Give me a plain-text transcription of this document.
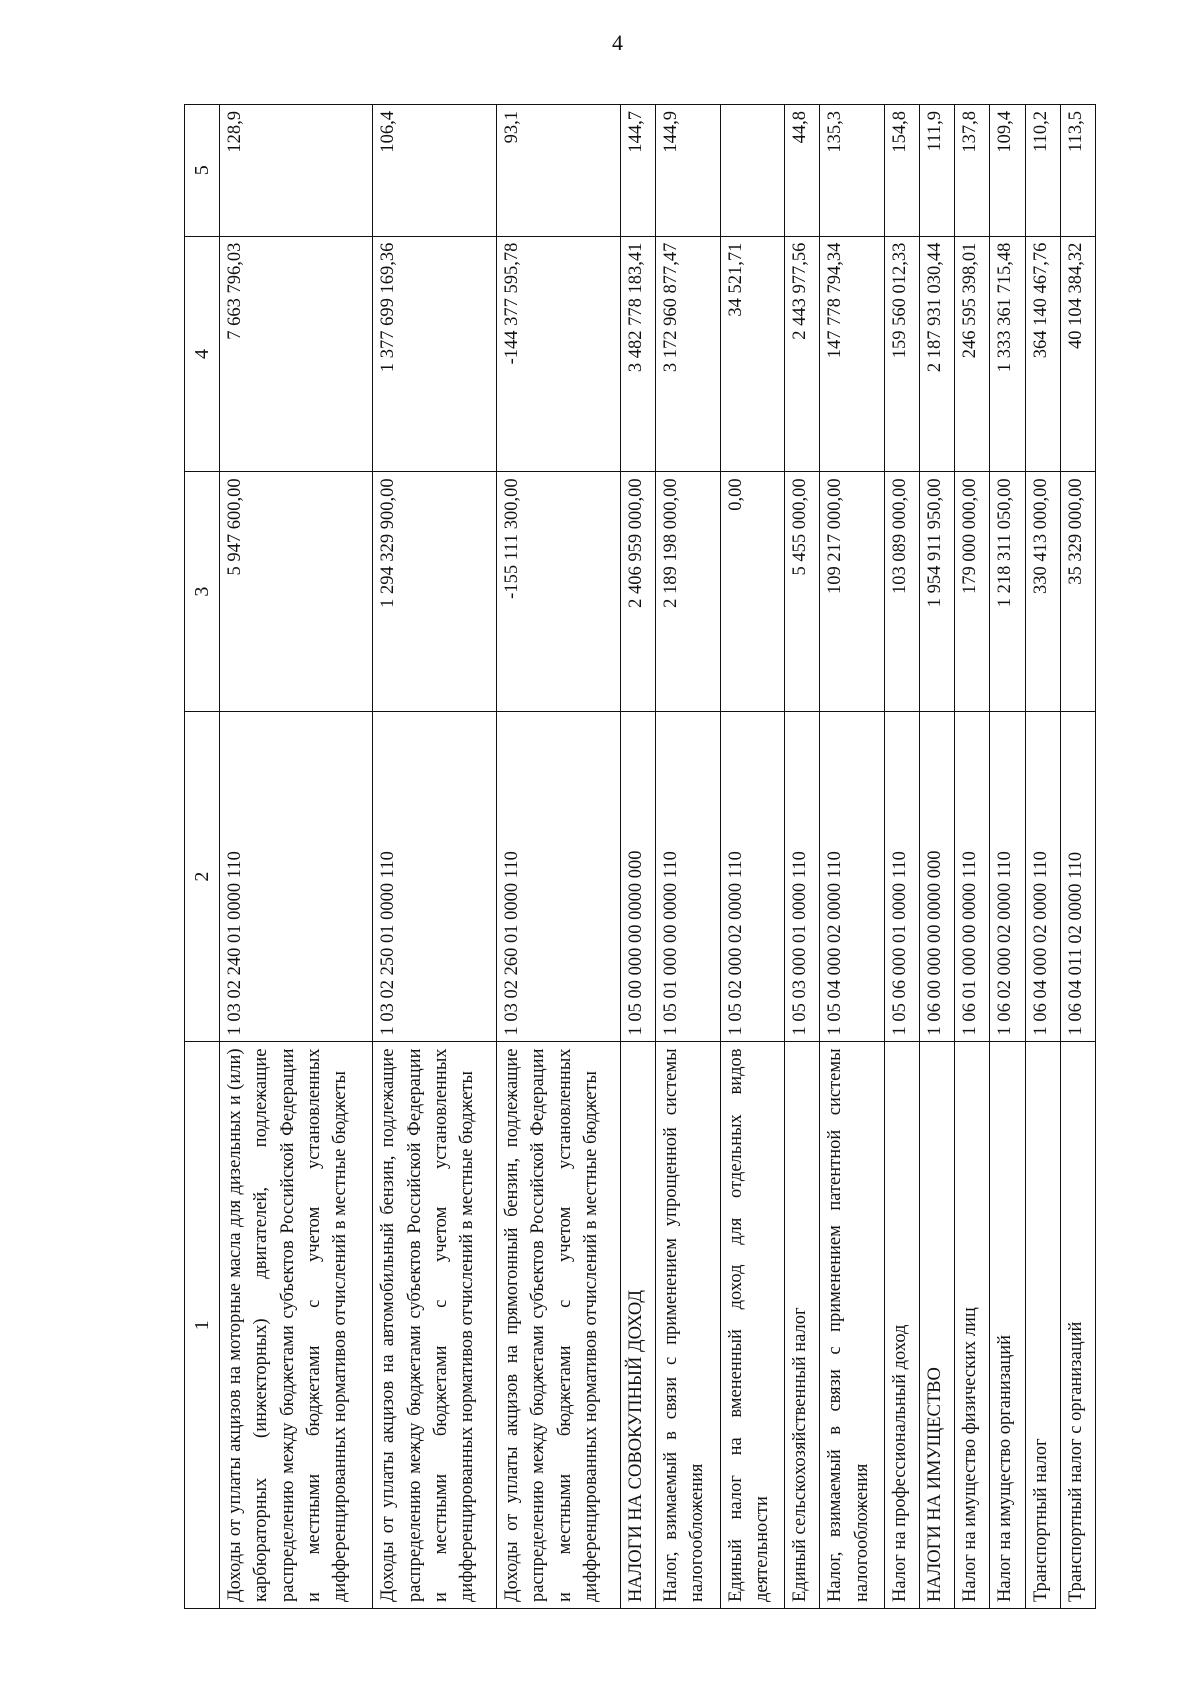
4
1	2	3	4	5
Доходы от уплаты акцизов на моторные масла для дизельных и (или) карбюраторных (инжекторных) двигателей, подлежащие распределению между бюджетами субъектов Российской Федерации и местными бюджетами с учетом установленных дифференцированных нормативов отчислений в местные бюджеты	1 03 02 240 01 0000 110	5 947 600,00	7 663 796,03	128,9
Доходы от уплаты акцизов на автомобильный бензин, подлежащие распределению между бюджетами субъектов Российской Федерации и местными бюджетами с учетом установленных дифференцированных нормативов отчислений в местные бюджеты	1 03 02 250 01 0000 110	1 294 329 900,00	1 377 699 169,36	106,4
Доходы от уплаты акцизов на прямогонный бензин, подлежащие распределению между бюджетами субъектов Российской Федерации и местными бюджетами с учетом установленных дифференцированных нормативов отчислений в местные бюджеты	1 03 02 260 01 0000 110	-155 111 300,00	-144 377 595,78	93,1
НАЛОГИ НА СОВОКУПНЫЙ ДОХОД	1 05 00 000 00 0000 000	2 406 959 000,00	3 482 778 183,41	144,7
Налог, взимаемый в связи с применением упрощенной системы налогообложения	1 05 01 000 00 0000 110	2 189 198 000,00	3 172 960 877,47	144,9
Единый налог на вмененный доход для отдельных видов деятельности	1 05 02 000 02 0000 110	0,00	34 521,71	
Единый сельскохозяйственный налог	1 05 03 000 01 0000 110	5 455 000,00	2 443 977,56	44,8
Налог, взимаемый в связи с применением патентной системы налогообложения	1 05 04 000 02 0000 110	109 217 000,00	147 778 794,34	135,3
Налог на профессиональный доход	1 05 06 000 01 0000 110	103 089 000,00	159 560 012,33	154,8
НАЛОГИ НА ИМУЩЕСТВО	1 06 00 000 00 0000 000	1 954 911 950,00	2 187 931 030,44	111,9
Налог на имущество физических лиц	1 06 01 000 00 0000 110	179 000 000,00	246 595 398,01	137,8
Налог на имущество организаций	1 06 02 000 02 0000 110	1 218 311 050,00	1 333 361 715,48	109,4
Транспортный налог	1 06 04 000 02 0000 110	330 413 000,00	364 140 467,76	110,2
Транспортный налог с организаций	1 06 04 011 02 0000 110	35 329 000,00	40 104 384,32	113,5
